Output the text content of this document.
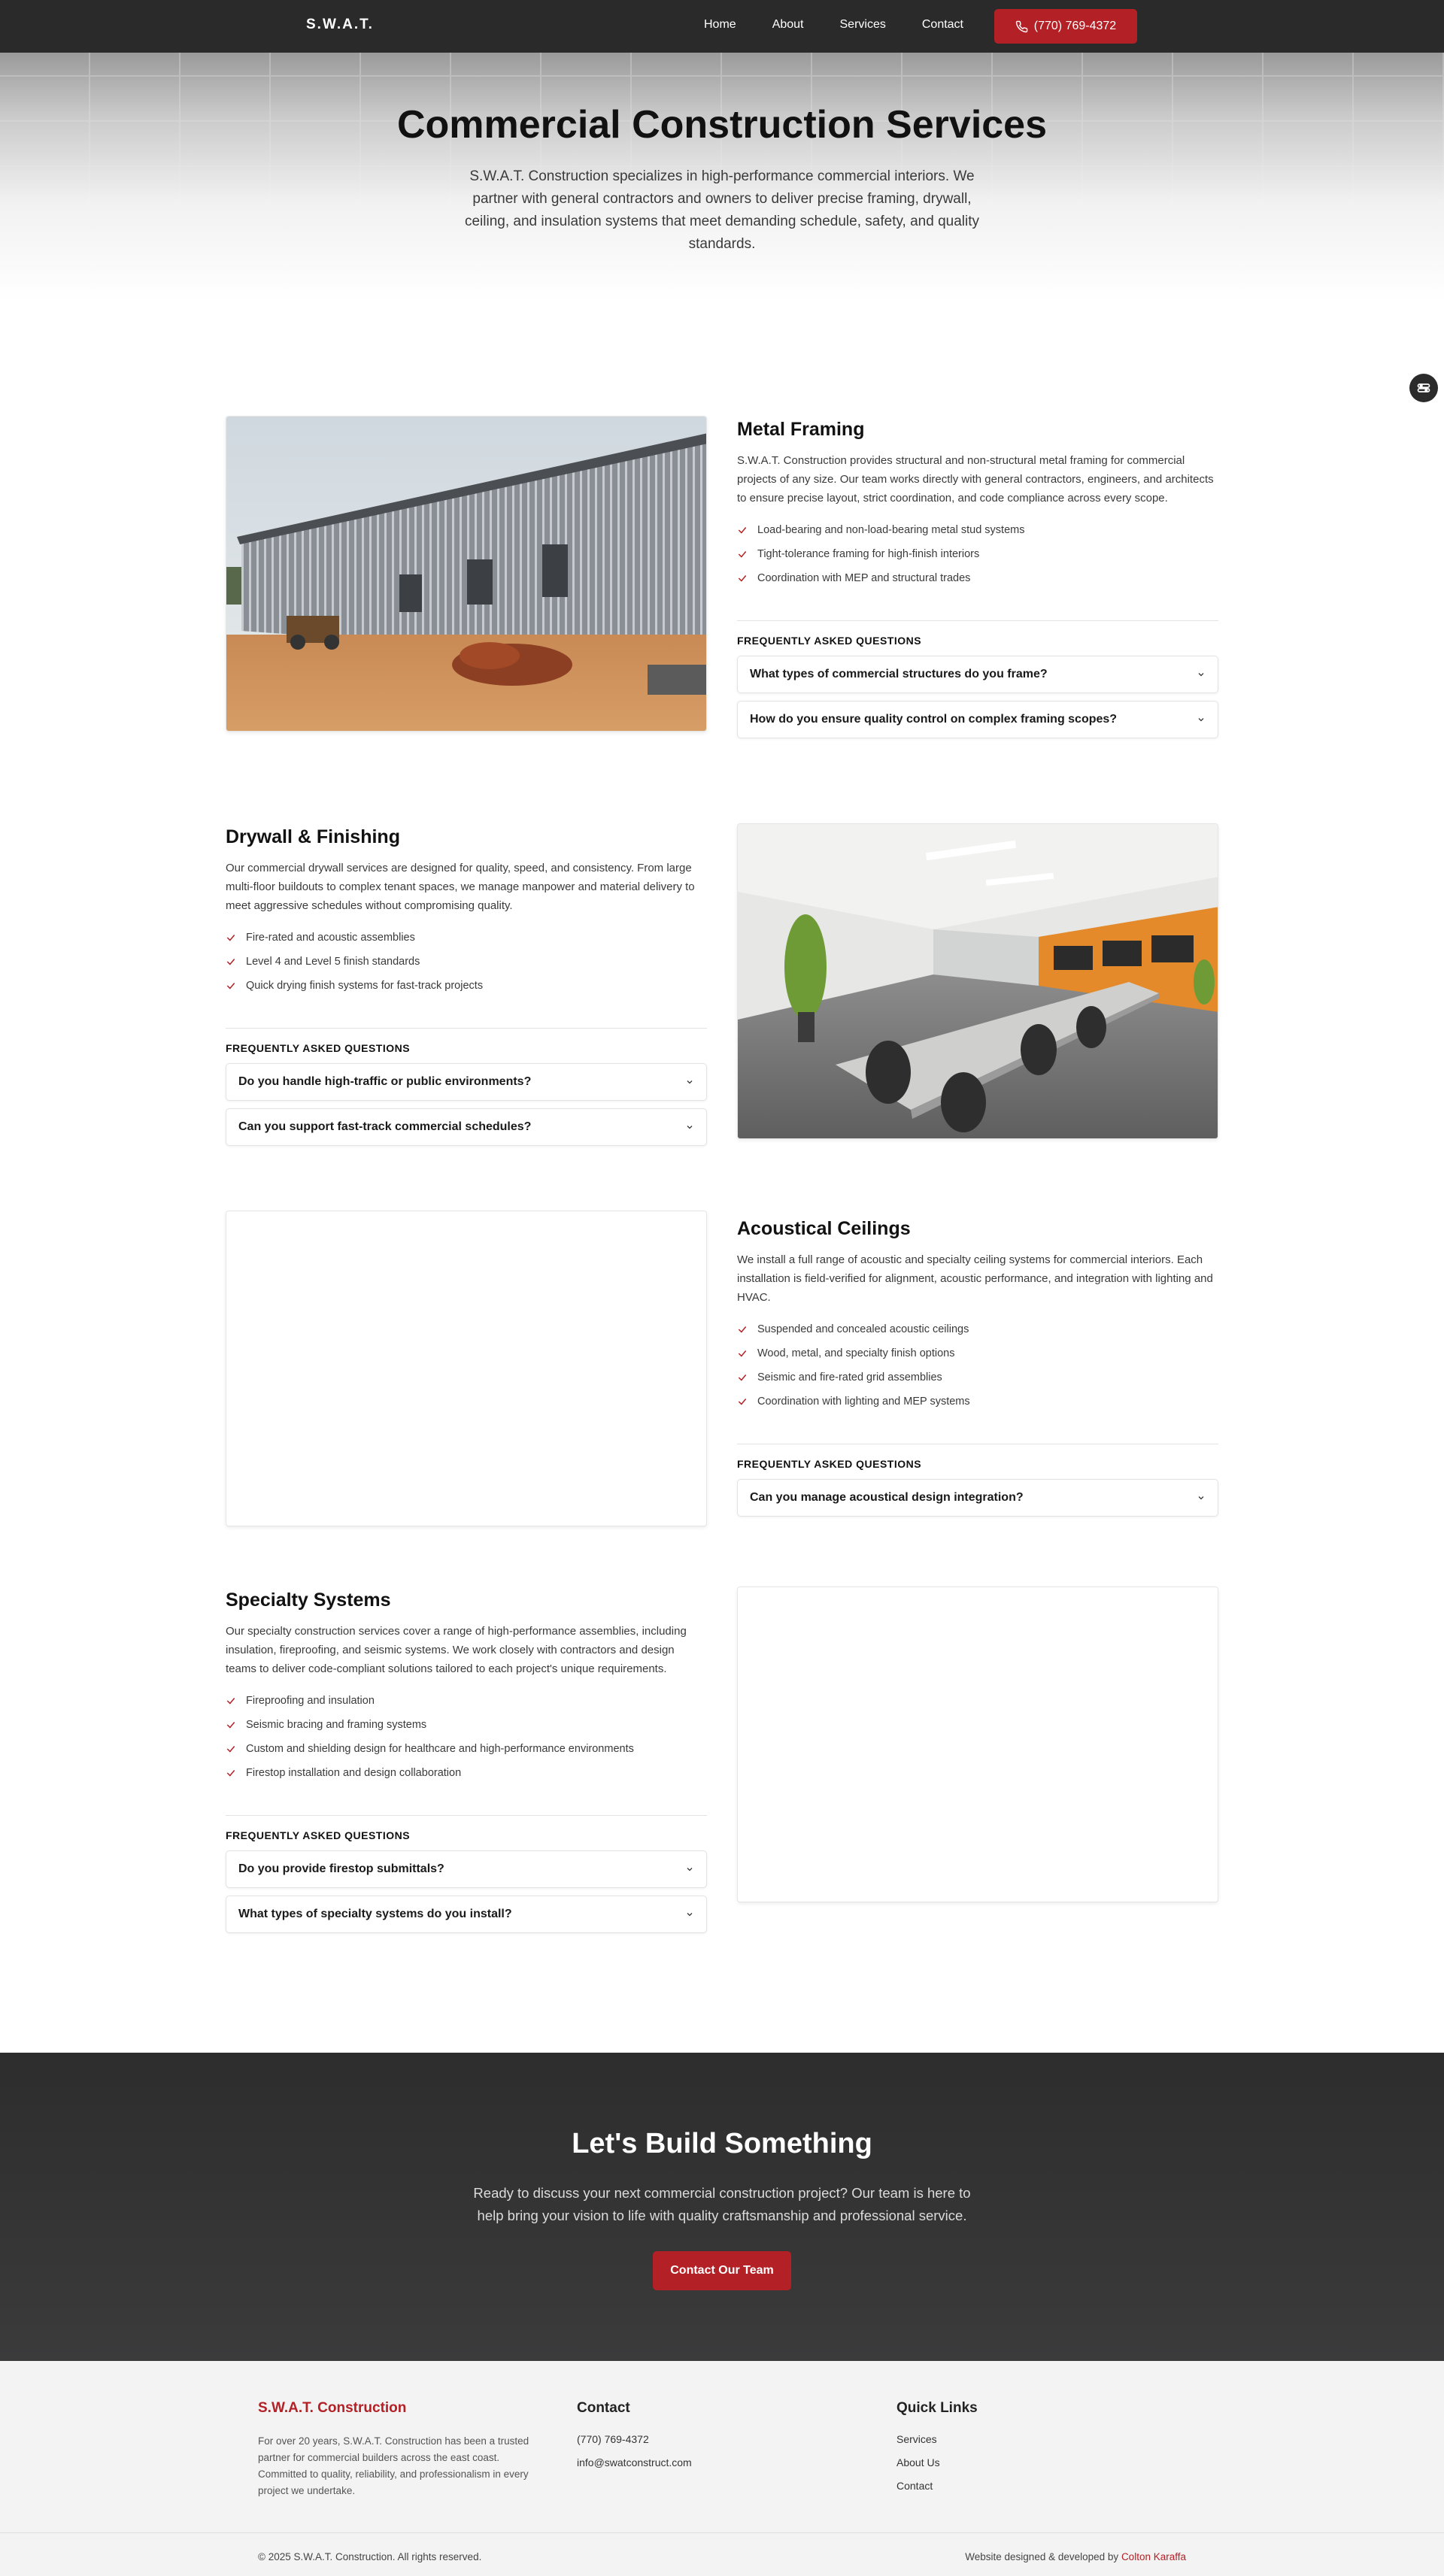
S.W.A.T.	Home	About	Services	Contact	(770) 769-4372
Commercial Construction Services

S.W.A.T. Construction specializes in high-performance commercial interiors. We partner with general contractors and owners to deliver precise framing, drywall, ceiling, and insulation systems that meet demanding schedule, safety, and quality standards.

Metal Framing

S.W.A.T. Construction provides structural and non-structural metal framing for commercial projects of any size. Our team works directly with general contractors, engineers, and architects to ensure precise layout, strict coordination, and code compliance across every scope.

Load-bearing and non-load-bearing metal stud systems
Tight-tolerance framing for high-finish interiors
Coordination with MEP and structural trades
FREQUENTLY ASKED QUESTIONS
What types of commercial structures do you frame?
How do you ensure quality control on complex framing scopes?
Drywall & Finishing

Our commercial drywall services are designed for quality, speed, and consistency. From large multi-floor buildouts to complex tenant spaces, we manage manpower and material delivery to meet aggressive schedules without compromising quality.

Fire-rated and acoustic assemblies
Level 4 and Level 5 finish standards
Quick drying finish systems for fast-track projects
FREQUENTLY ASKED QUESTIONS
Do you handle high-traffic or public environments?
Can you support fast-track commercial schedules?
Acoustical Ceilings

We install a full range of acoustic and specialty ceiling systems for commercial interiors. Each installation is field-verified for alignment, acoustic performance, and integration with lighting and HVAC.

Suspended and concealed acoustic ceilings
Wood, metal, and specialty finish options
Seismic and fire-rated grid assemblies
Coordination with lighting and MEP systems
FREQUENTLY ASKED QUESTIONS
Can you manage acoustical design integration?
Specialty Systems

Our specialty construction services cover a range of high-performance assemblies, including insulation, fireproofing, and seismic systems. We work closely with contractors and design teams to deliver code-compliant solutions tailored to each project's unique requirements.

Fireproofing and insulation
Seismic bracing and framing systems
Custom and shielding design for healthcare and high-performance environments
Firestop installation and design collaboration
FREQUENTLY ASKED QUESTIONS
Do you provide firestop submittals?
What types of specialty systems do you install?
Let's Build Something

Ready to discuss your next commercial construction project? Our team is here to help bring your vision to life with quality craftsmanship and professional service.

Contact Our Team
S.W.A.T. Construction

For over 20 years, S.W.A.T. Construction has been a trusted partner for commercial builders across the east coast. Committed to quality, reliability, and professionalism in every project we undertake.

Contact
(770) 769-4372
info@swatconstruct.com
Quick Links
Services
About Us
Contact
© 2025 S.W.A.T. Construction. All rights reserved.	Website designed & developed by Colton Karaffa
